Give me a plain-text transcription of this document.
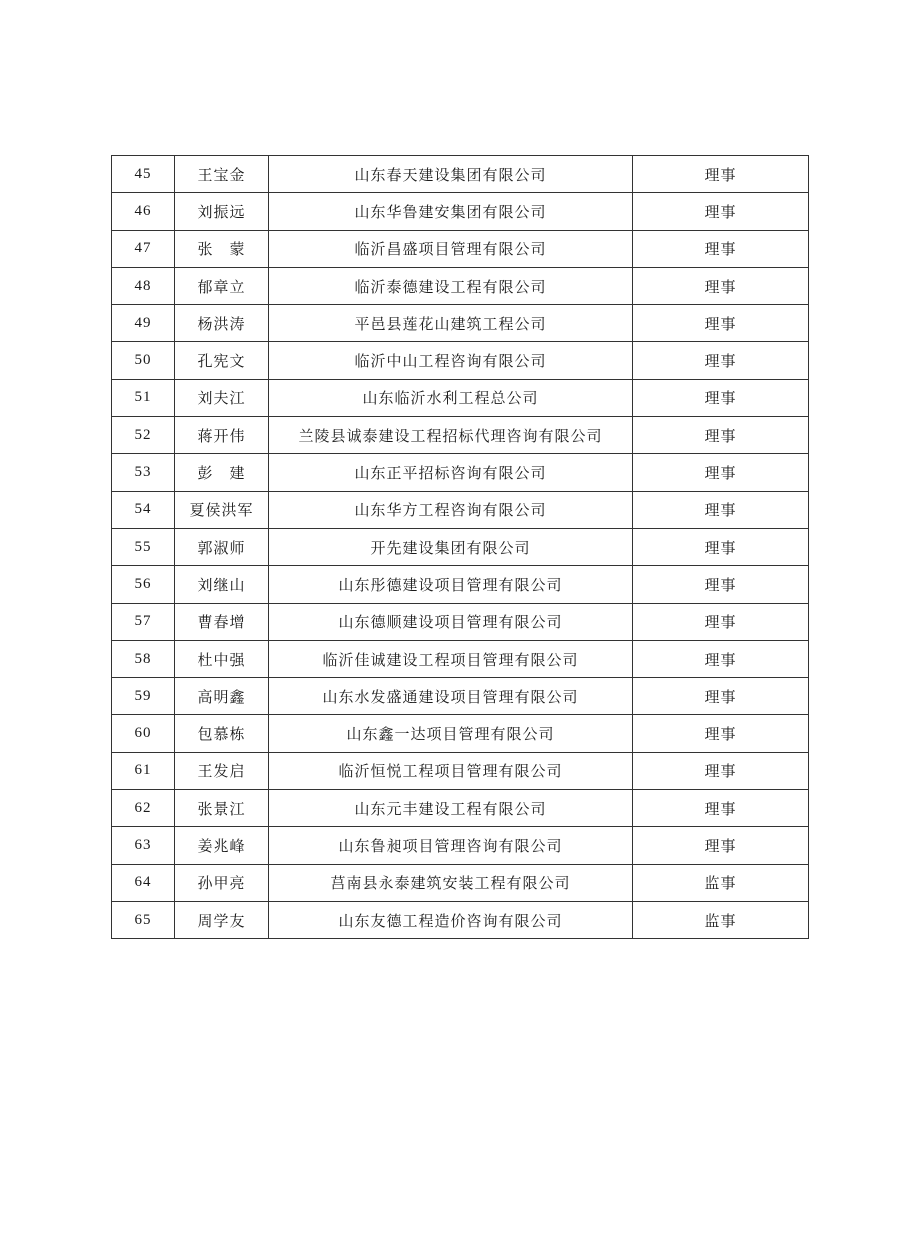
45	王宝金	山东春天建设集团有限公司	理事
46	刘振远	山东华鲁建安集团有限公司	理事
47	张　蒙	临沂昌盛项目管理有限公司	理事
48	郁章立	临沂泰德建设工程有限公司	理事
49	杨洪涛	平邑县莲花山建筑工程公司	理事
50	孔宪文	临沂中山工程咨询有限公司	理事
51	刘夫江	山东临沂水利工程总公司	理事
52	蒋开伟	兰陵县诚泰建设工程招标代理咨询有限公司	理事
53	彭　建	山东正平招标咨询有限公司	理事
54	夏侯洪军	山东华方工程咨询有限公司	理事
55	郭淑师	开先建设集团有限公司	理事
56	刘继山	山东彤德建设项目管理有限公司	理事
57	曹春增	山东德顺建设项目管理有限公司	理事
58	杜中强	临沂佳诚建设工程项目管理有限公司	理事
59	高明鑫	山东水发盛通建设项目管理有限公司	理事
60	包慕栋	山东鑫一达项目管理有限公司	理事
61	王发启	临沂恒悦工程项目管理有限公司	理事
62	张景江	山东元丰建设工程有限公司	理事
63	姜兆峰	山东鲁昶项目管理咨询有限公司	理事
64	孙甲亮	莒南县永泰建筑安装工程有限公司	监事
65	周学友	山东友德工程造价咨询有限公司	监事
